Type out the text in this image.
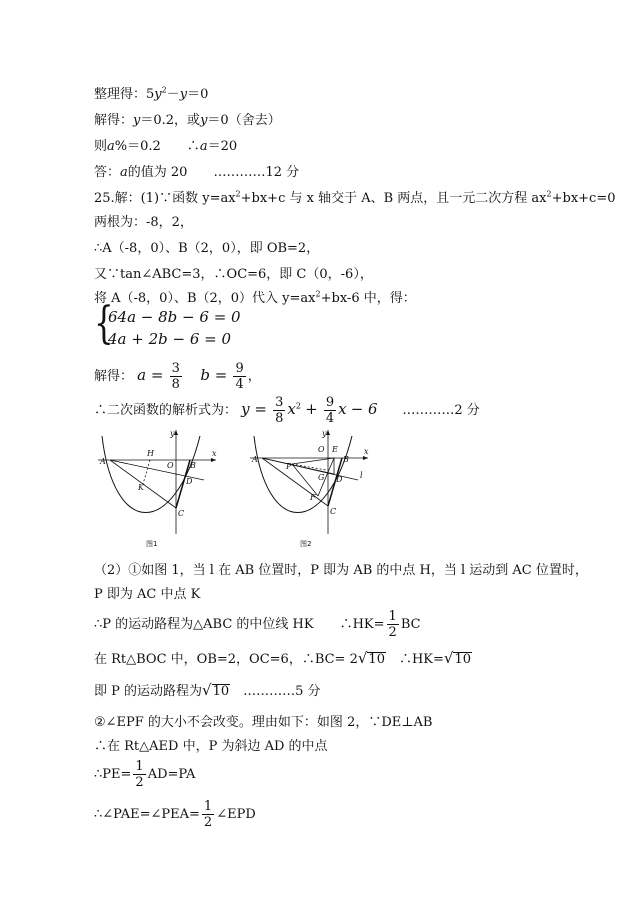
整理得：$5y^2-y=0$
解得：y＝0.2，或y＝0（舍去）
则a%＝0.2　　∴a＝20
答：a的值为 20　　…………12 分
25.解：(1)∵函数 $y=ax^2+bx+c$ 与 x 轴交于 A、B 两点，且一元二次方程 $ax^2+bx+c=0$
两根为：-8，2，
∴A（-8，0）、B（2，0），即 OB=2，
又∵tan∠ABC=3，∴OC=6，即 C（0，-6），
将 A（-8，0）、B（2，0）代入 $y=ax^2+bx-6$ 中，得：
{
64a − 8b − 6 = 0
4a + 2b − 6 = 0
解得： $a = \frac{3}{8}$ $b = \frac{9}{4}$ ，
∴二次函数的解析式为： $y = \frac{3}{8} x^2 + \frac{9}{4}$ x − 6 …………2 分
A
H
O B
K
D
C
x
y
图1
A
P
O E
B
G D
F
C
l
x
y
图2
（2）①如图 1，当 l 在 AB 位置时，P 即为 AB 的中点 H，当 l 运动到 AC 位置时，
P 即为 AC 中点 K
∴P 的运动路程为△ABC 的中位线 HK　　∴HK= $\frac{1}{2}$ BC
在 Rt△BOC 中，OB=2，OC=6，∴BC= 2√10　∴HK=√10
即 P 的运动路程为√10　…………5 分
②∠EPF 的大小不会改变。理由如下：如图 2，∵DE⊥AB
∴在 Rt△AED 中，P 为斜边 AD 的中点
∴PE= $\frac{1}{2} AD=PA$
∴∠PAE=∠PEA= $\frac{1}{2}$ ∠EPD
